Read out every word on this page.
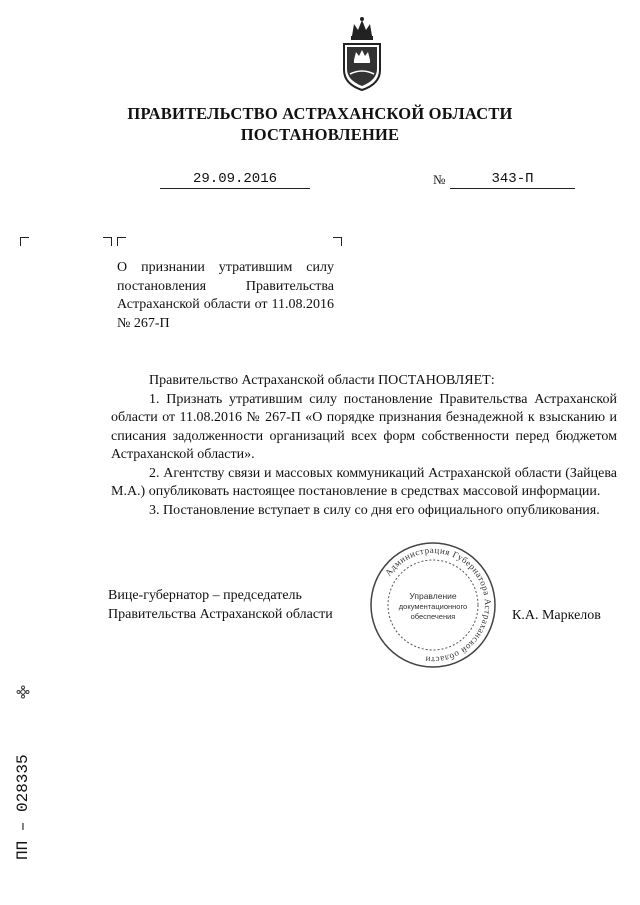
ПРАВИТЕЛЬСТВО АСТРАХАНСКОЙ ОБЛАСТИ
ПОСТАНОВЛЕНИЕ
29.09.2016	№	343-П
О признании утратившим силу постановления Правительства Астраханской области от 11.08.2016 № 267-П

Правительство Астраханской области ПОСТАНОВЛЯЕТ:

1. Признать утратившим силу постановление Правительства Астраханской области от 11.08.2016 № 267-П «О порядке признания безнадежной к взысканию и списания задолженности организаций всех форм собственности перед бюджетом Астраханской области».

2. Агентству связи и массовых коммуникаций Астраханской области (Зайцева М.А.) опубликовать настоящее постановление в средствах массовой информации.

3. Постановление вступает в силу со дня его официального опубликования.

Вице-губернатор – председатель
Правительства Астраханской области	К.А. Маркелов
Администрация Губернатора Астраханской области
Управление
документационного
обеспечения
ПП – 028335
